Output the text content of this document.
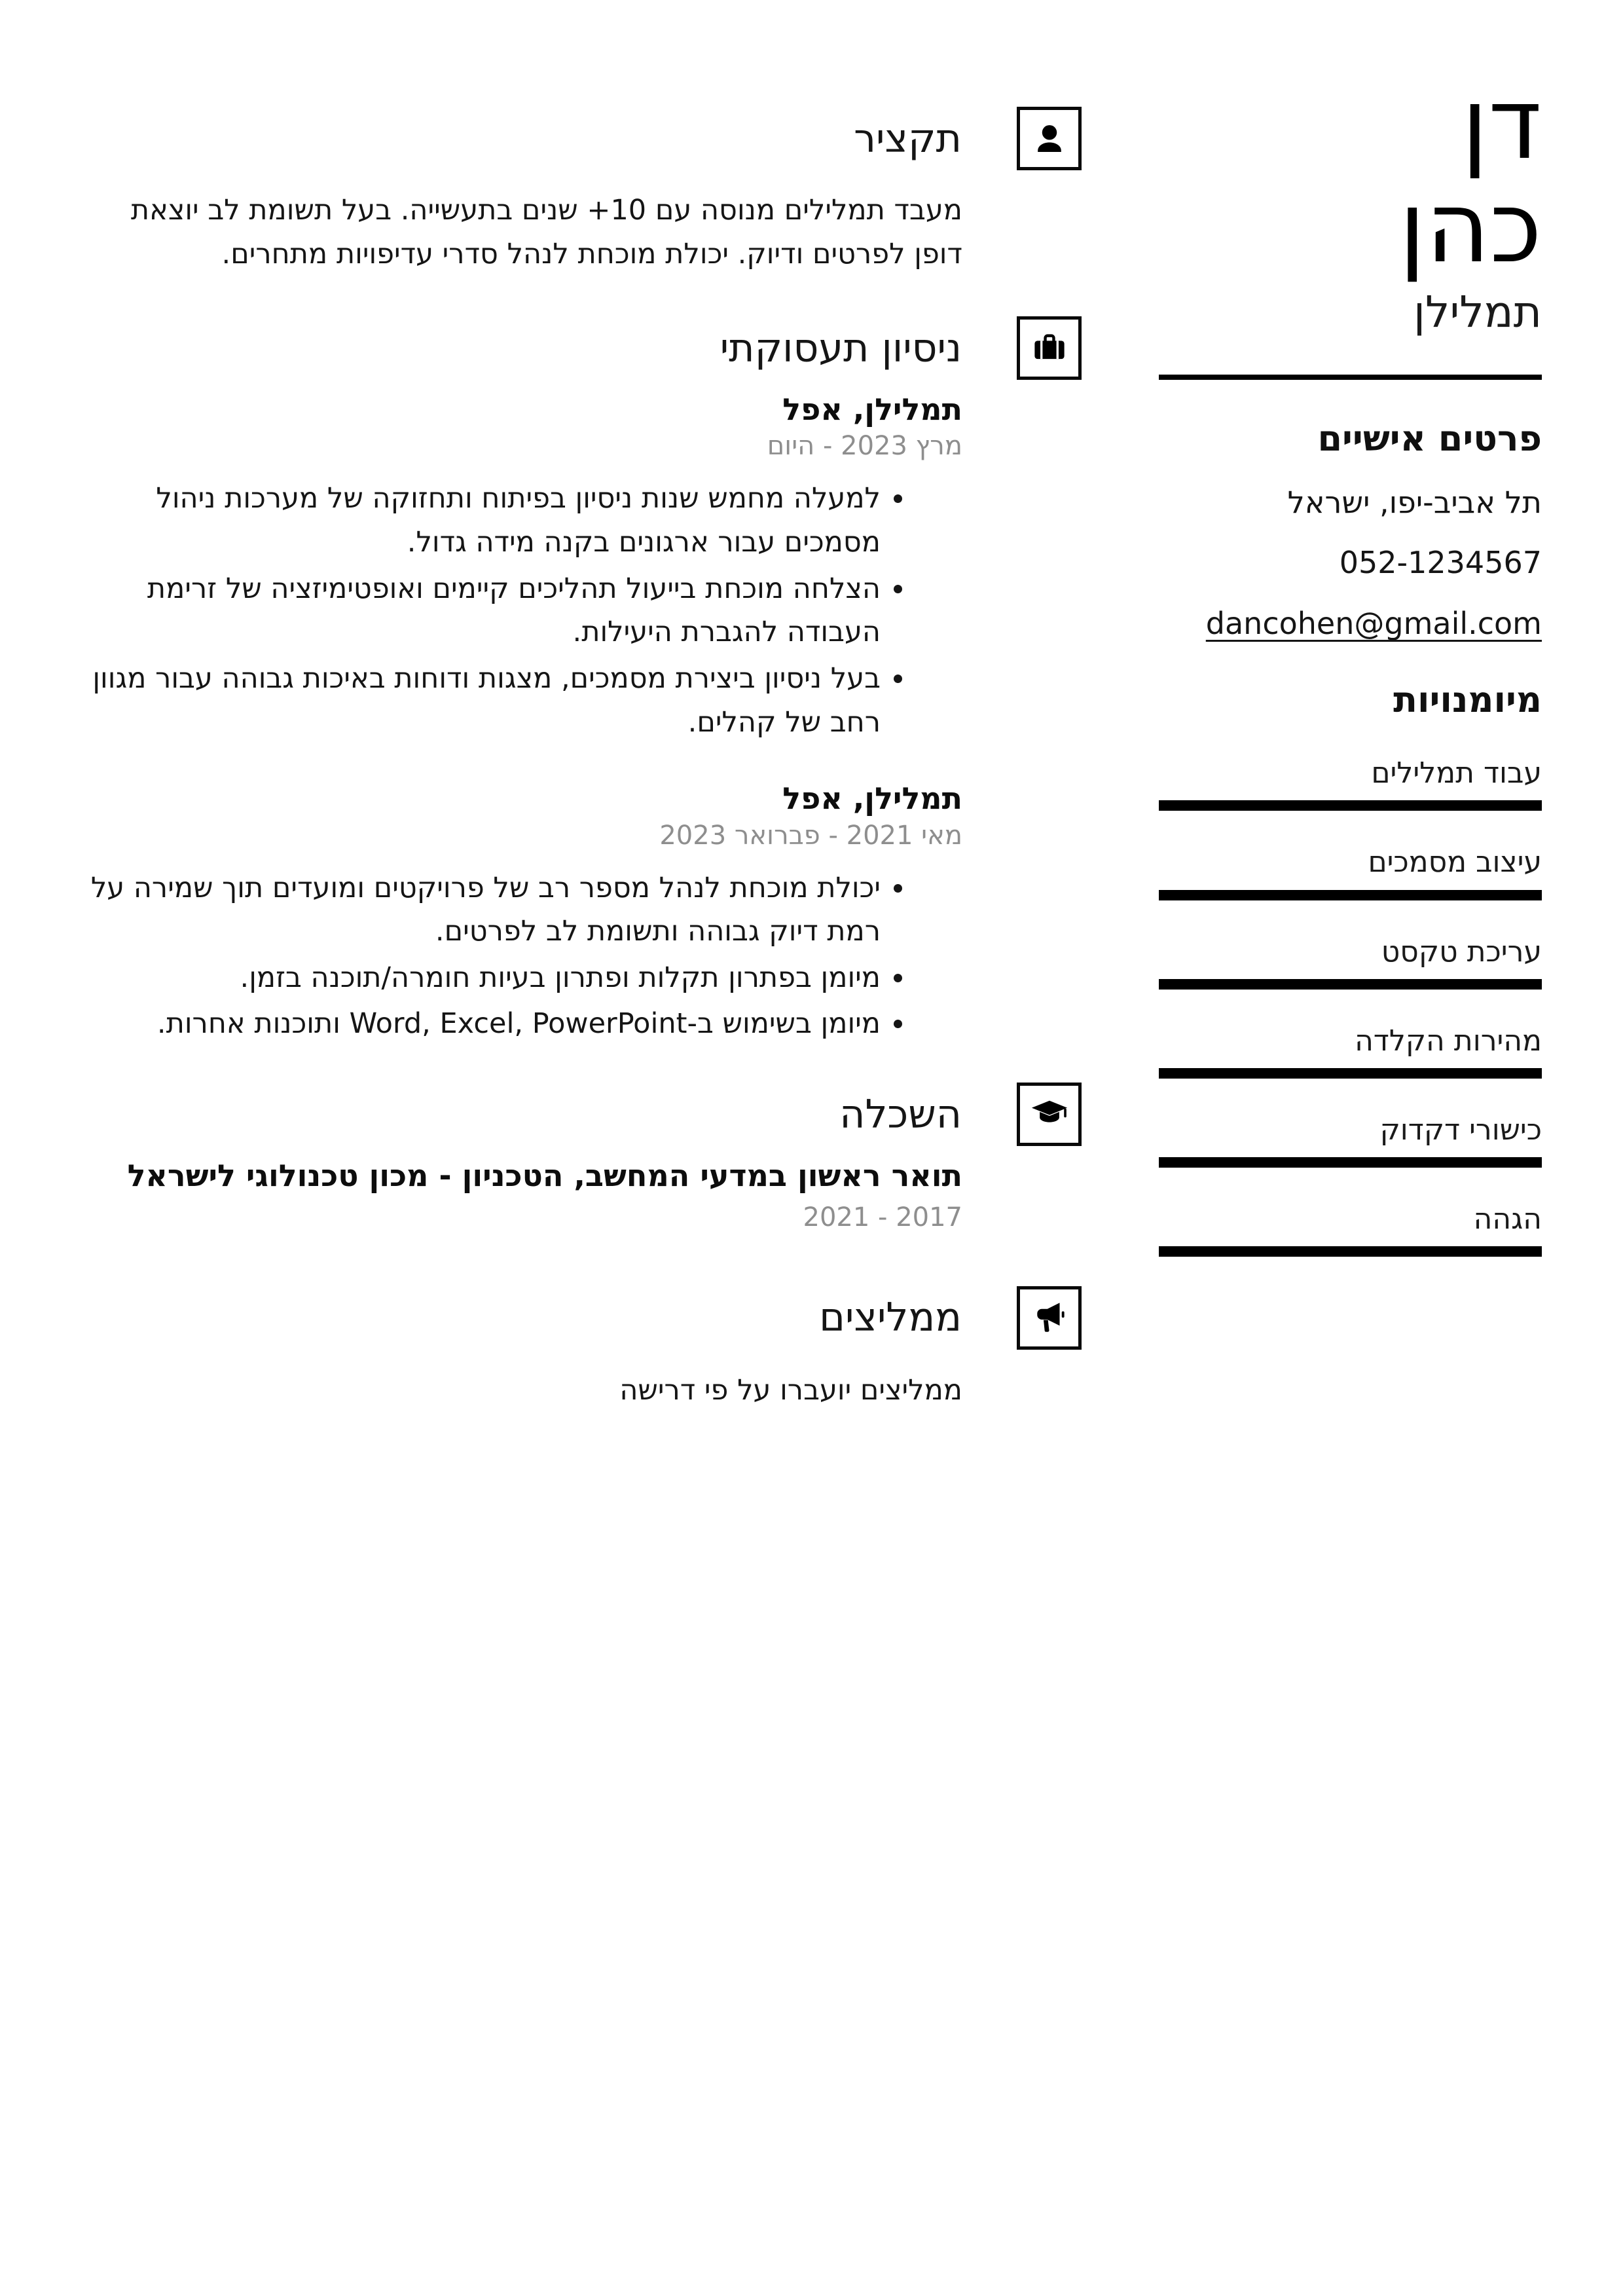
דן
כהן
תמלילן
פרטים אישיים
תל אביב-יפו, ישראל
052-1234567
dancohen@gmail.com
מיומנויות
עבוד תמלילים
עיצוב מסמכים
עריכת טקסט
מהירות הקלדה
כישורי דקדוק
הגהה
תקציר

מעבד תמלילים מנוסה עם 10+ שנים בתעשייה. בעל תשומת לב יוצאת דופן לפרטים ודיוק. יכולת מוכחת לנהל סדרי עדיפויות מתחרים.

ניסיון תעסוקתי
תמלילן, אפל
מרץ 2023 - היום
• למעלה מחמש שנות ניסיון בפיתוח ותחזוקה של מערכות ניהול מסמכים עבור ארגונים בקנה מידה גדול.
• הצלחה מוכחת בייעול תהליכים קיימים ואופטימיזציה של זרימת העבודה להגברת היעילות.
• בעל ניסיון ביצירת מסמכים, מצגות ודוחות באיכות גבוהה עבור מגוון רחב של קהלים.
תמלילן, אפל
מאי 2021 - פברואר 2023
• יכולת מוכחת לנהל מספר רב של פרויקטים ומועדים תוך שמירה על רמת דיוק גבוהה ותשומת לב לפרטים.
• מיומן בפתרון תקלות ופתרון בעיות חומרה/תוכנה בזמן.
• מיומן בשימוש ב-Word, Excel, PowerPoint ותוכנות אחרות.
השכלה
תואר ראשון במדעי המחשב, הטכניון - מכון טכנולוגי לישראל
2017 - 2021
ממליצים

ממליצים יועברו על פי דרישה
